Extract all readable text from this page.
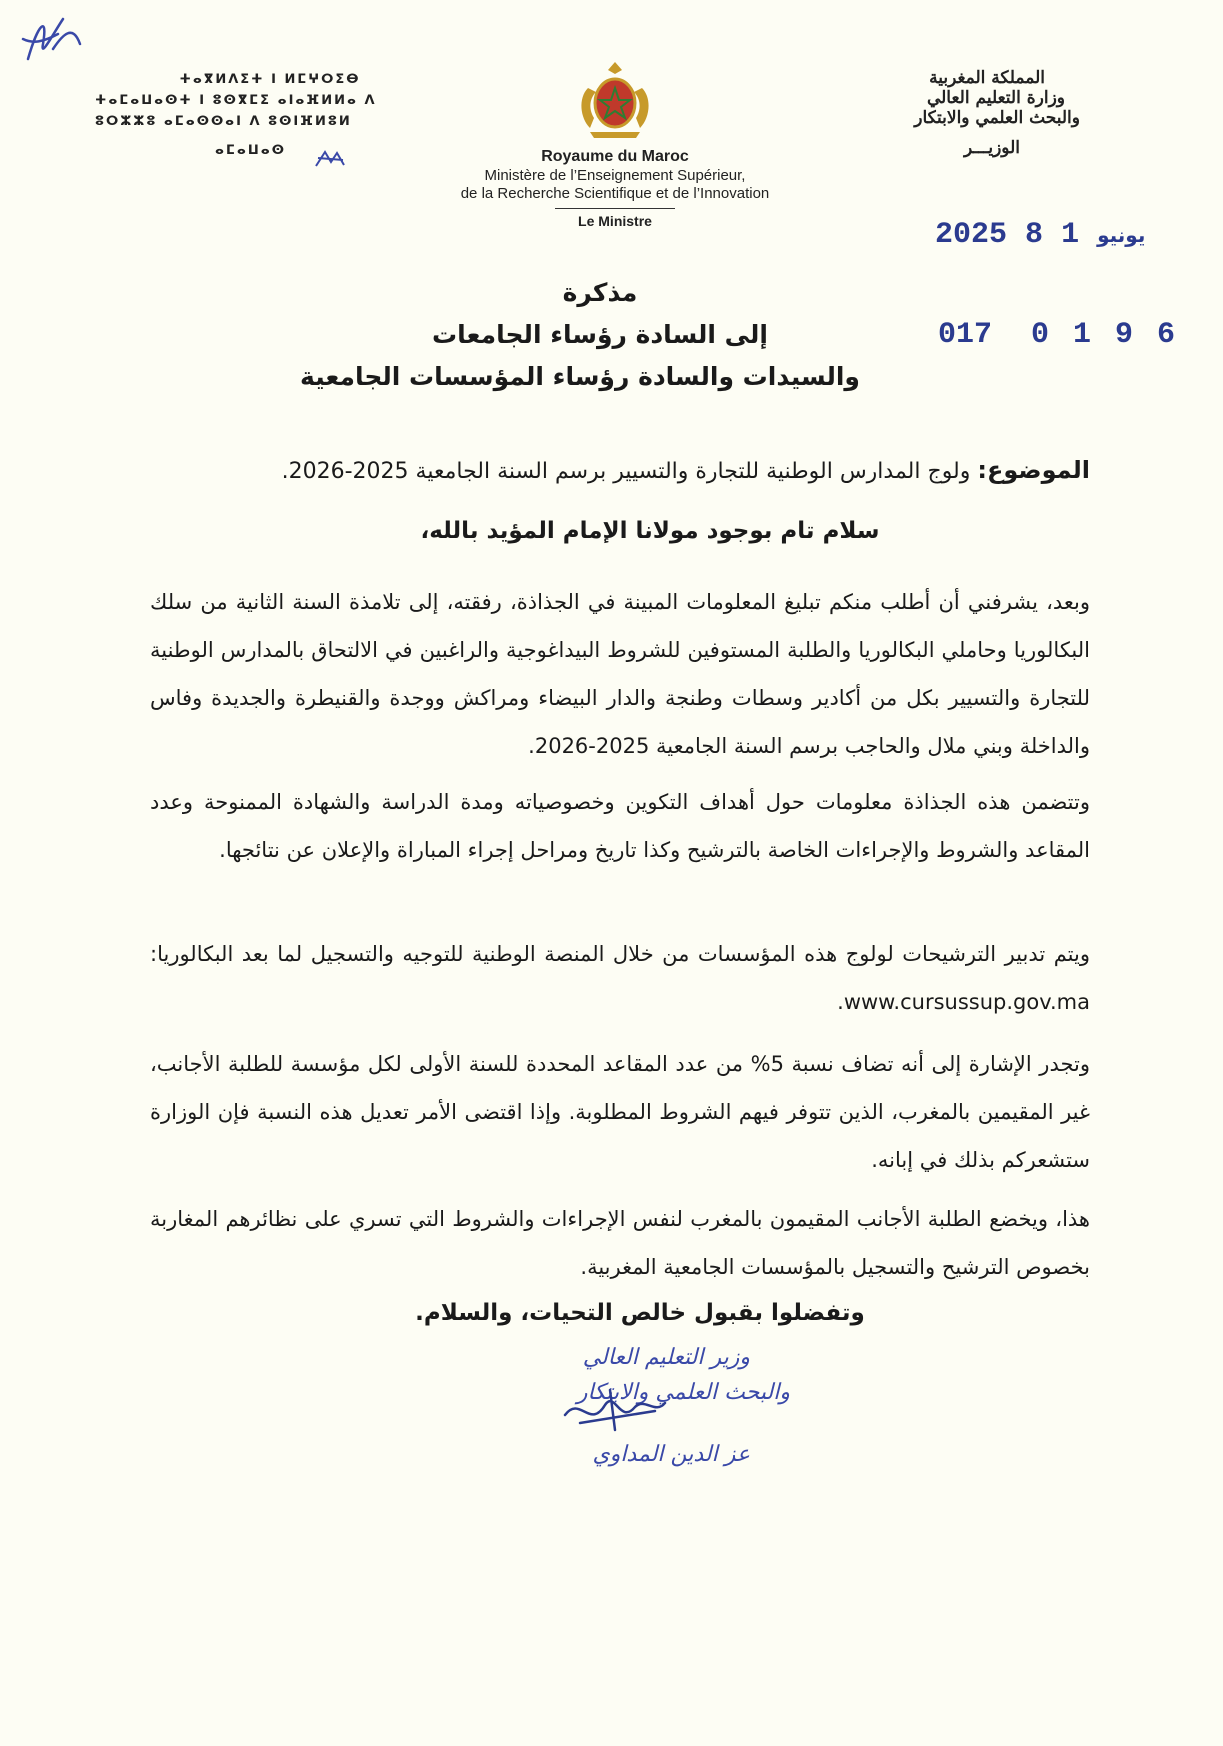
ⵜⴰⴳⵍⴷⵉⵜ ⵏ ⵍⵎⵖⵔⵉⴱ
ⵜⴰⵎⴰⵡⴰⵙⵜ ⵏ ⵓⵙⴳⵎⵉ ⴰⵏⴰⴼⵍⵍⴰ ⴷ
ⵓⵔⵣⵣⵓ ⴰⵎⴰⵙⵙⴰⵏ ⴷ ⵓⵙⵏⴼⵍⵓⵍ
ⴰⵎⴰⵡⴰⵙ	Royaume du Maroc
Ministère de l’Enseignement Supérieur,
de la Recherche Scientifique et de l’Innovation
Le Ministre
المملكة المغربية
وزارة التعليم العالي
والبحث العلمي والابتكار
الوزيـــر
2025	يونيو 1 8
017 0 1 9 6
مذكرة
إلى السادة رؤساء الجامعات
والسيدات والسادة رؤساء المؤسسات الجامعية
الموضوع: ولوج المدارس الوطنية للتجارة والتسيير برسم السنة الجامعية 2025-2026.
سلام تام بوجود مولانا الإمام المؤيد بالله،

وبعد، يشرفني أن أطلب منكم تبليغ المعلومات المبينة في الجذاذة، رفقته، إلى تلامذة السنة الثانية من سلك البكالوريا وحاملي البكالوريا والطلبة المستوفين للشروط البيداغوجية والراغبين في الالتحاق بالمدارس الوطنية للتجارة والتسيير بكل من أكادير وسطات وطنجة والدار البيضاء ومراكش ووجدة والقنيطرة والجديدة وفاس والداخلة وبني ملال والحاجب برسم السنة الجامعية 2025-2026.

وتتضمن هذه الجذاذة معلومات حول أهداف التكوين وخصوصياته ومدة الدراسة والشهادة الممنوحة وعدد المقاعد والشروط والإجراءات الخاصة بالترشيح وكذا تاريخ ومراحل إجراء المباراة والإعلان عن نتائجها.

ويتم تدبير الترشيحات لولوج هذه المؤسسات من خلال المنصة الوطنية للتوجيه والتسجيل لما بعد البكالوريا: www.cursussup.gov.ma.

وتجدر الإشارة إلى أنه تضاف نسبة 5% من عدد المقاعد المحددة للسنة الأولى لكل مؤسسة للطلبة الأجانب، غير المقيمين بالمغرب، الذين تتوفر فيهم الشروط المطلوبة. وإذا اقتضى الأمر تعديل هذه النسبة فإن الوزارة ستشعركم بذلك في إبانه.

هذا، ويخضع الطلبة الأجانب المقيمون بالمغرب لنفس الإجراءات والشروط التي تسري على نظائرهم المغاربة بخصوص الترشيح والتسجيل بالمؤسسات الجامعية المغربية.

وتفضلوا بقبول خالص التحيات، والسلام.
وزير التعليم العالي
والبحث العلمي والابتكار
عز الدين المداوي
